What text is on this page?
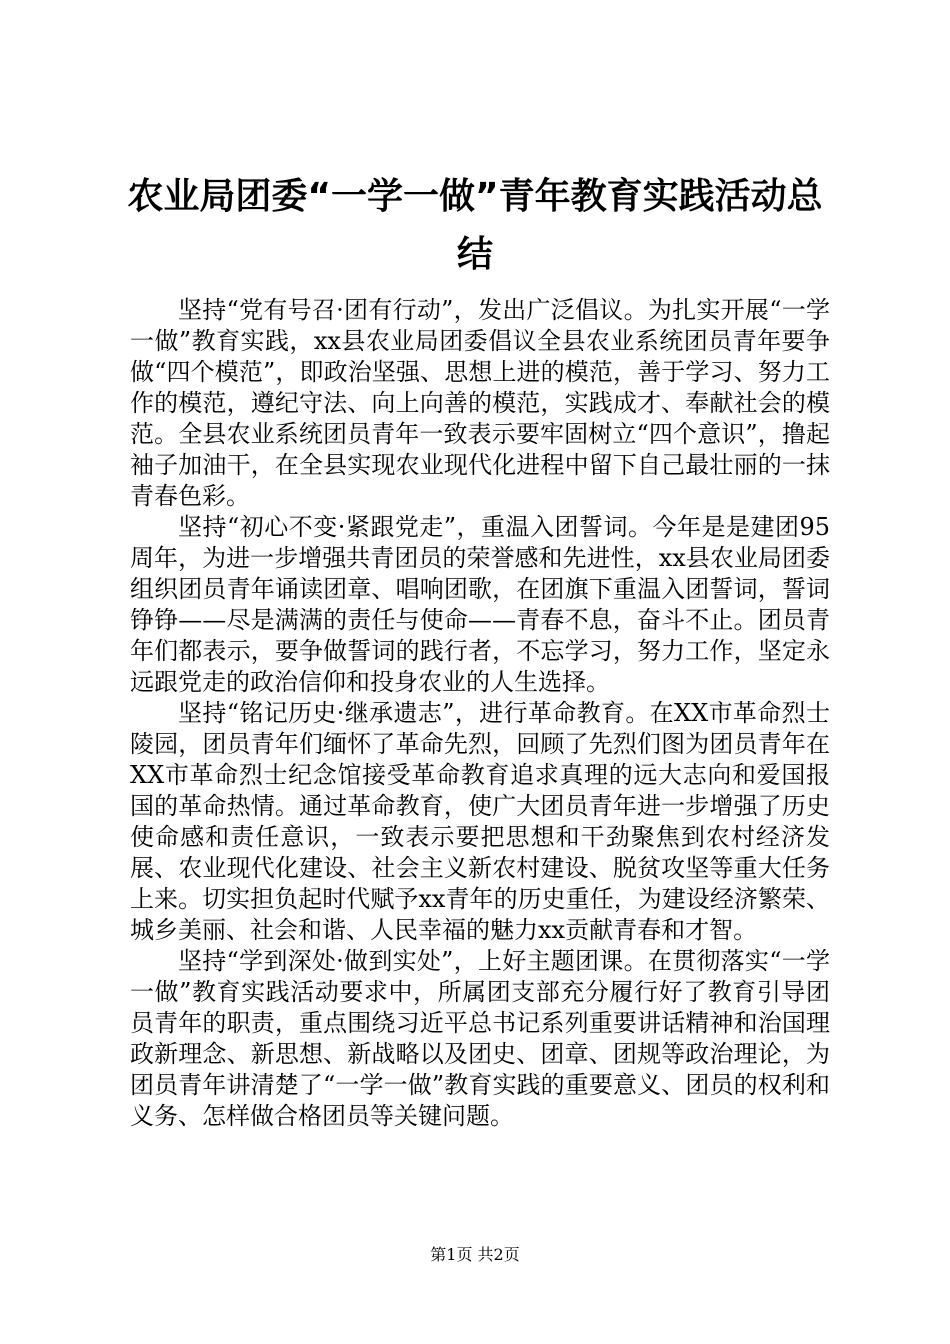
农业局团委“一学一做”青年教育实践活动总结

坚持“党有号召·团有行动”，发出广泛倡议。为扎实开展“一学一做”教育实践，xx县农业局团委倡议全县农业系统团员青年要争做“四个模范”，即政治坚强、思想上进的模范，善于学习、努力工作的模范，遵纪守法、向上向善的模范，实践成才、奉献社会的模范。全县农业系统团员青年一致表示要牢固树立“四个意识”，撸起袖子加油干，在全县实现农业现代化进程中留下自己最壮丽的一抹青春色彩。

坚持“初心不变·紧跟党走”，重温入团誓词。今年是是建团95周年，为进一步增强共青团员的荣誉感和先进性，xx县农业局团委组织团员青年诵读团章、唱响团歌，在团旗下重温入团誓词，誓词铮铮——尽是满满的责任与使命——青春不息，奋斗不止。团员青年们都表示，要争做誓词的践行者，不忘学习，努力工作，坚定永远跟党走的政治信仰和投身农业的人生选择。

坚持“铭记历史·继承遗志”，进行革命教育。在XX市革命烈士陵园，团员青年们缅怀了革命先烈，回顾了先烈们图为团员青年在XX市革命烈士纪念馆接受革命教育追求真理的远大志向和爱国报国的革命热情。通过革命教育，使广大团员青年进一步增强了历史使命感和责任意识，一致表示要把思想和干劲聚焦到农村经济发展、农业现代化建设、社会主义新农村建设、脱贫攻坚等重大任务上来。切实担负起时代赋予xx青年的历史重任，为建设经济繁荣、城乡美丽、社会和谐、人民幸福的魅力xx贡献青春和才智。

坚持“学到深处·做到实处”，上好主题团课。在贯彻落实“一学一做”教育实践活动要求中，所属团支部充分履行好了教育引导团员青年的职责，重点围绕习近平总书记系列重要讲话精神和治国理政新理念、新思想、新战略以及团史、团章、团规等政治理论，为团员青年讲清楚了“一学一做”教育实践的重要意义、团员的权利和义务、怎样做合格团员等关键问题。

第1页 共2页
